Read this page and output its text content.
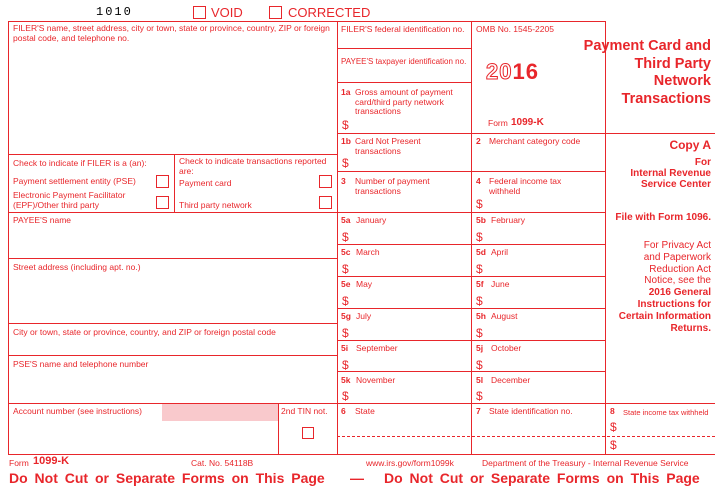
1010	VOID	CORRECTED
FILER'S name, street address, city or town, state or province, country, ZIP or foreign postal code, and telephone no.
Check to indicate if FILER is a (an):
Payment settlement entity (PSE)
Electronic Payment Facilitator (EPF)/Other third party
Check to indicate transactions reported are:
Payment card
Third party network
PAYEE'S name
Street address (including apt. no.)
City or town, state or province, country, and ZIP or foreign postal code
PSE'S name and telephone number
Account number (see instructions)	2nd TIN not.
FILER'S federal identification no.
PAYEE'S taxpayer identification no.
1a Gross amount of payment card/third party network transactions
$
1b Card Not Present transactions
$
2 Merchant category code
3 Number of payment transactions
4 Federal income tax withheld
$
5a January
$
5b February
$
5c March
$
5d April
$
5e May
$
5f June
$
5g July
$
5h August
$
5i September
$
5j October
$
5k November
$
5l December
$
6 State	7 State identification no.	8 State income tax withheld
$
$
OMB No. 1545-2205
2016
Form 1099-K
Payment Card and
Third Party
Network
Transactions
Copy A
For
Internal Revenue
Service Center
File with Form 1096.
For Privacy Act
and Paperwork
Reduction Act
Notice, see the
2016 General
Instructions for
Certain Information
Returns.
Form 1099-K	Cat. No. 54118B	www.irs.gov/form1099k	Department of the Treasury - Internal Revenue Service
Do Not Cut or Separate Forms on This Page — Do Not Cut or Separate Forms on This Page
